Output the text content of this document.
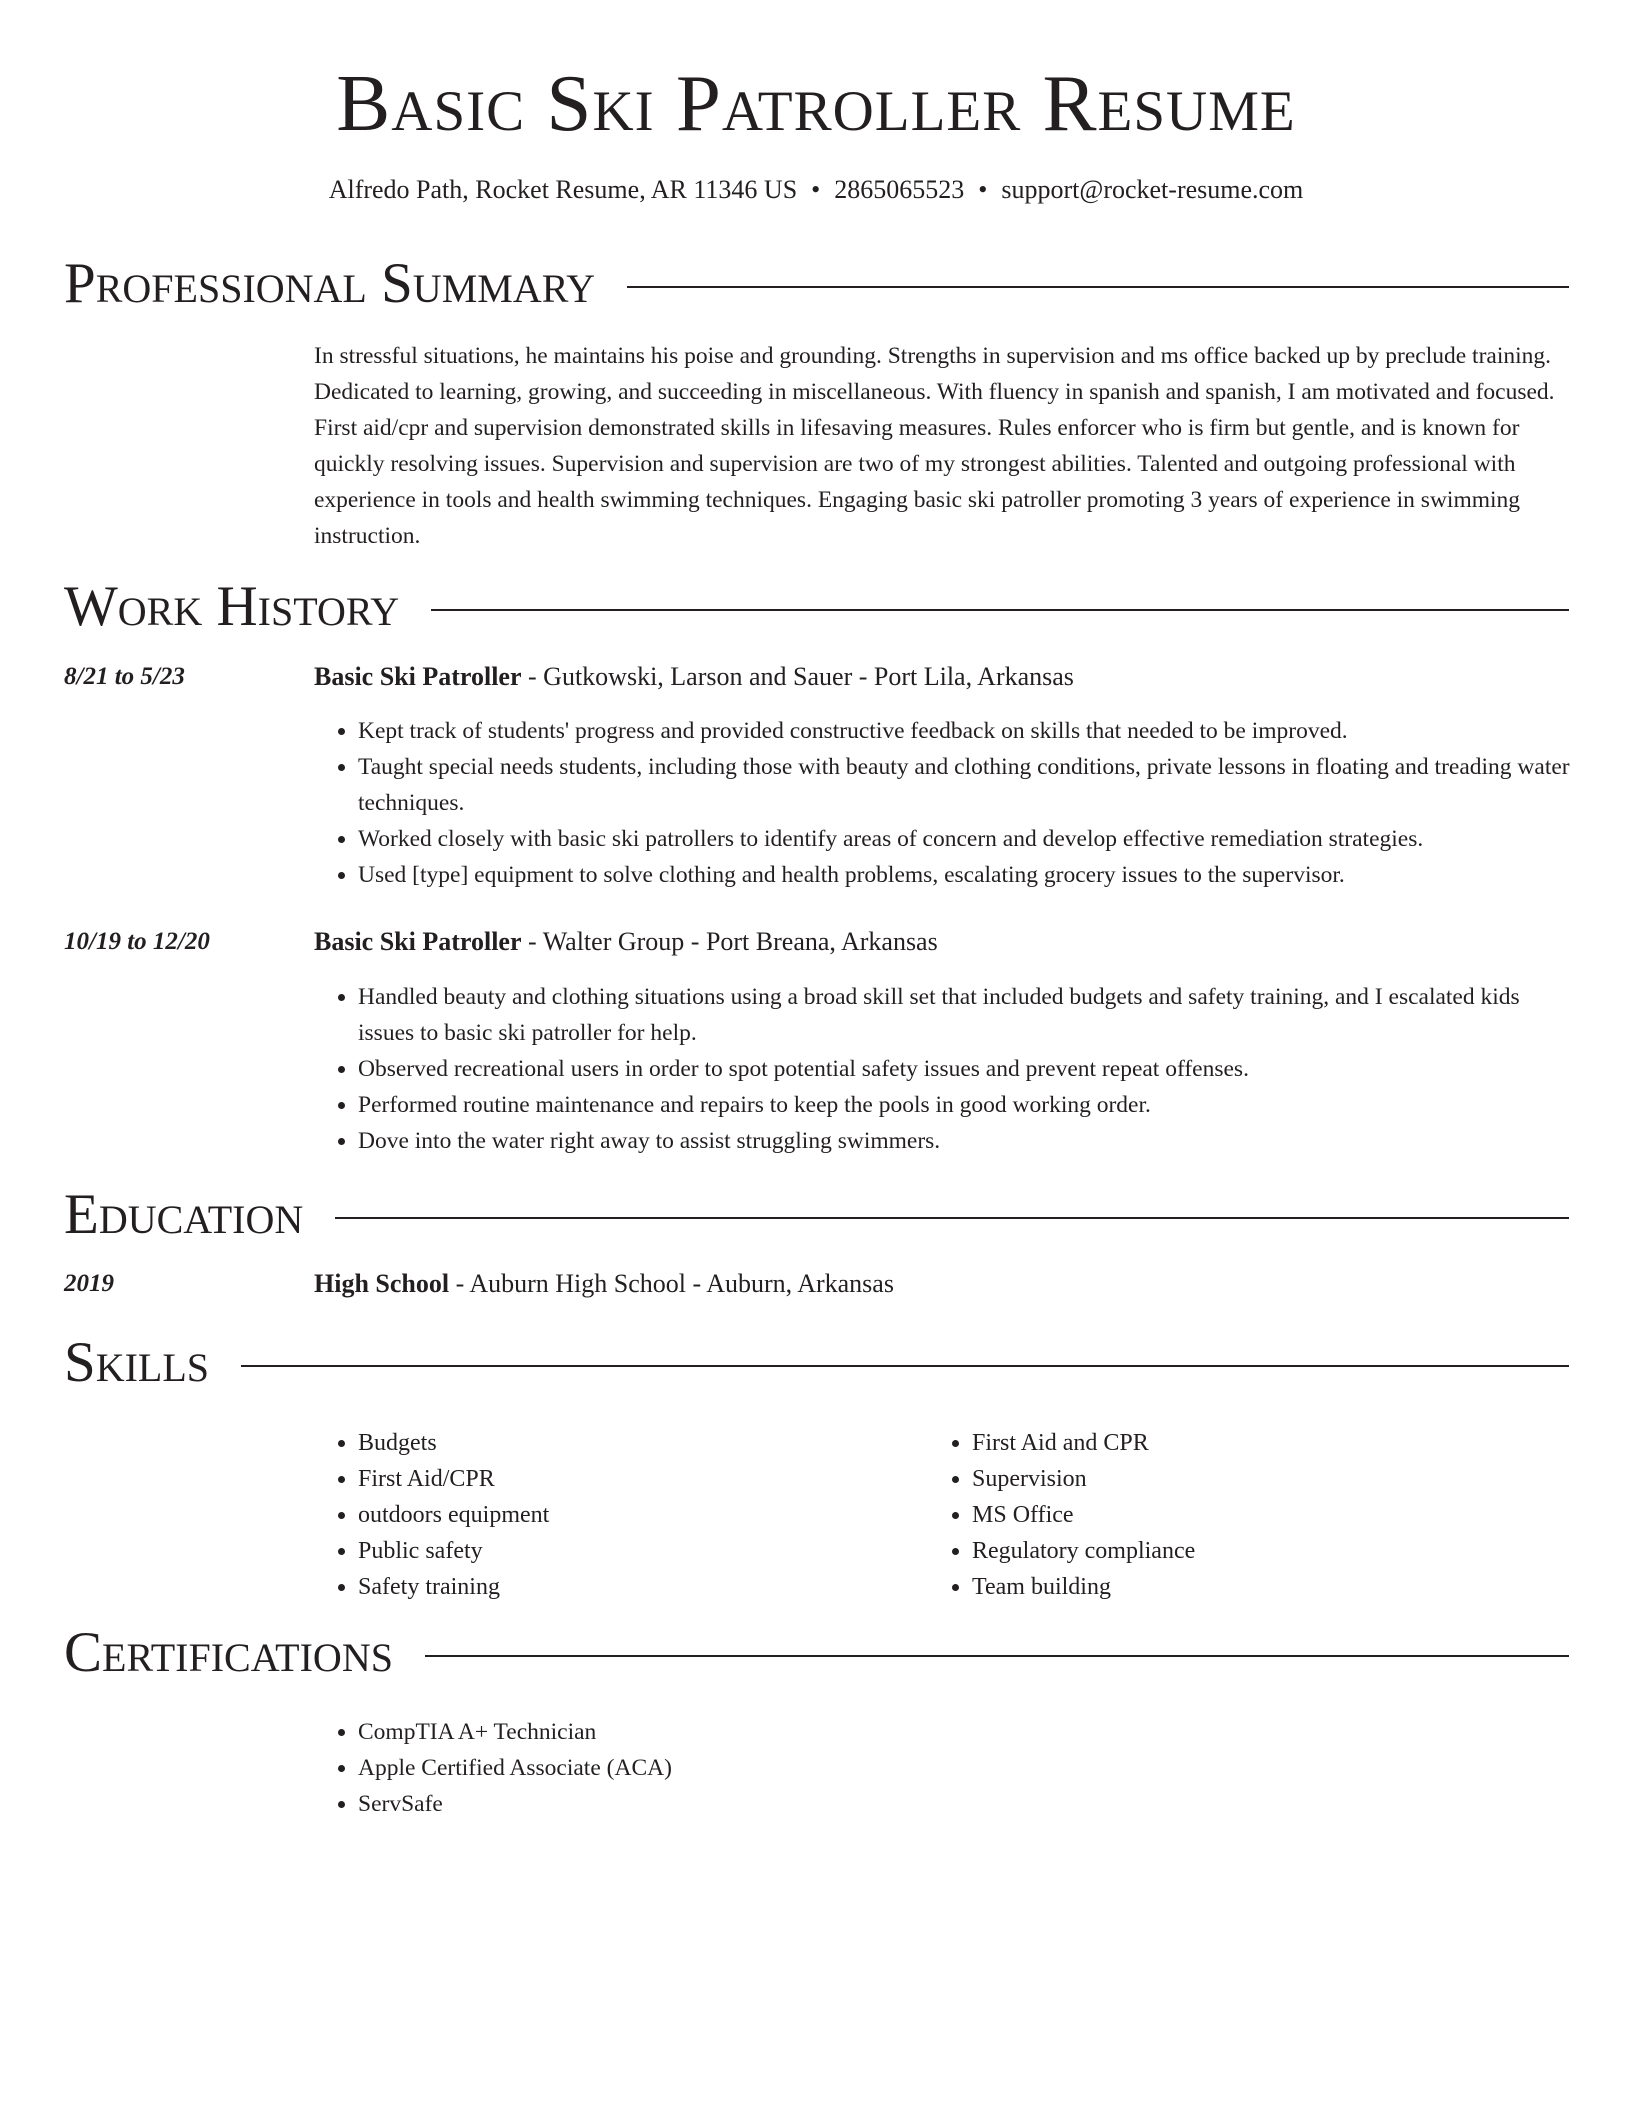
Basic Ski Patroller Resume
Alfredo Path, Rocket Resume, AR 11346 US • 2865065523 • support@rocket-resume.com
Professional Summary

In stressful situations, he maintains his poise and grounding. Strengths in supervision and ms office backed up by preclude training. Dedicated to learning, growing, and succeeding in miscellaneous. With fluency in spanish and spanish, I am motivated and focused. First aid/cpr and supervision demonstrated skills in lifesaving measures. Rules enforcer who is firm but gentle, and is known for quickly resolving issues. Supervision and supervision are two of my strongest abilities. Talented and outgoing professional with experience in tools and health swimming techniques. Engaging basic ski patroller promoting 3 years of experience in swimming instruction.

Work History
8/21 to 5/23	Basic Ski Patroller - Gutkowski, Larson and Sauer - Port Lila, Arkansas
• Kept track of students' progress and provided constructive feedback on skills that needed to be improved.
• Taught special needs students, including those with beauty and clothing conditions, private lessons in floating and treading water techniques.
• Worked closely with basic ski patrollers to identify areas of concern and develop effective remediation strategies.
• Used [type] equipment to solve clothing and health problems, escalating grocery issues to the supervisor.
10/19 to 12/20	Basic Ski Patroller - Walter Group - Port Breana, Arkansas
• Handled beauty and clothing situations using a broad skill set that included budgets and safety training, and I escalated kids issues to basic ski patroller for help.
• Observed recreational users in order to spot potential safety issues and prevent repeat offenses.
• Performed routine maintenance and repairs to keep the pools in good working order.
• Dove into the water right away to assist struggling swimmers.
Education
2019	High School - Auburn High School - Auburn, Arkansas
Skills
• Budgets
• First Aid/CPR
• outdoors equipment
• Public safety
• Safety training
• First Aid and CPR
• Supervision
• MS Office
• Regulatory compliance
• Team building
Certifications
• CompTIA A+ Technician
• Apple Certified Associate (ACA)
• ServSafe
